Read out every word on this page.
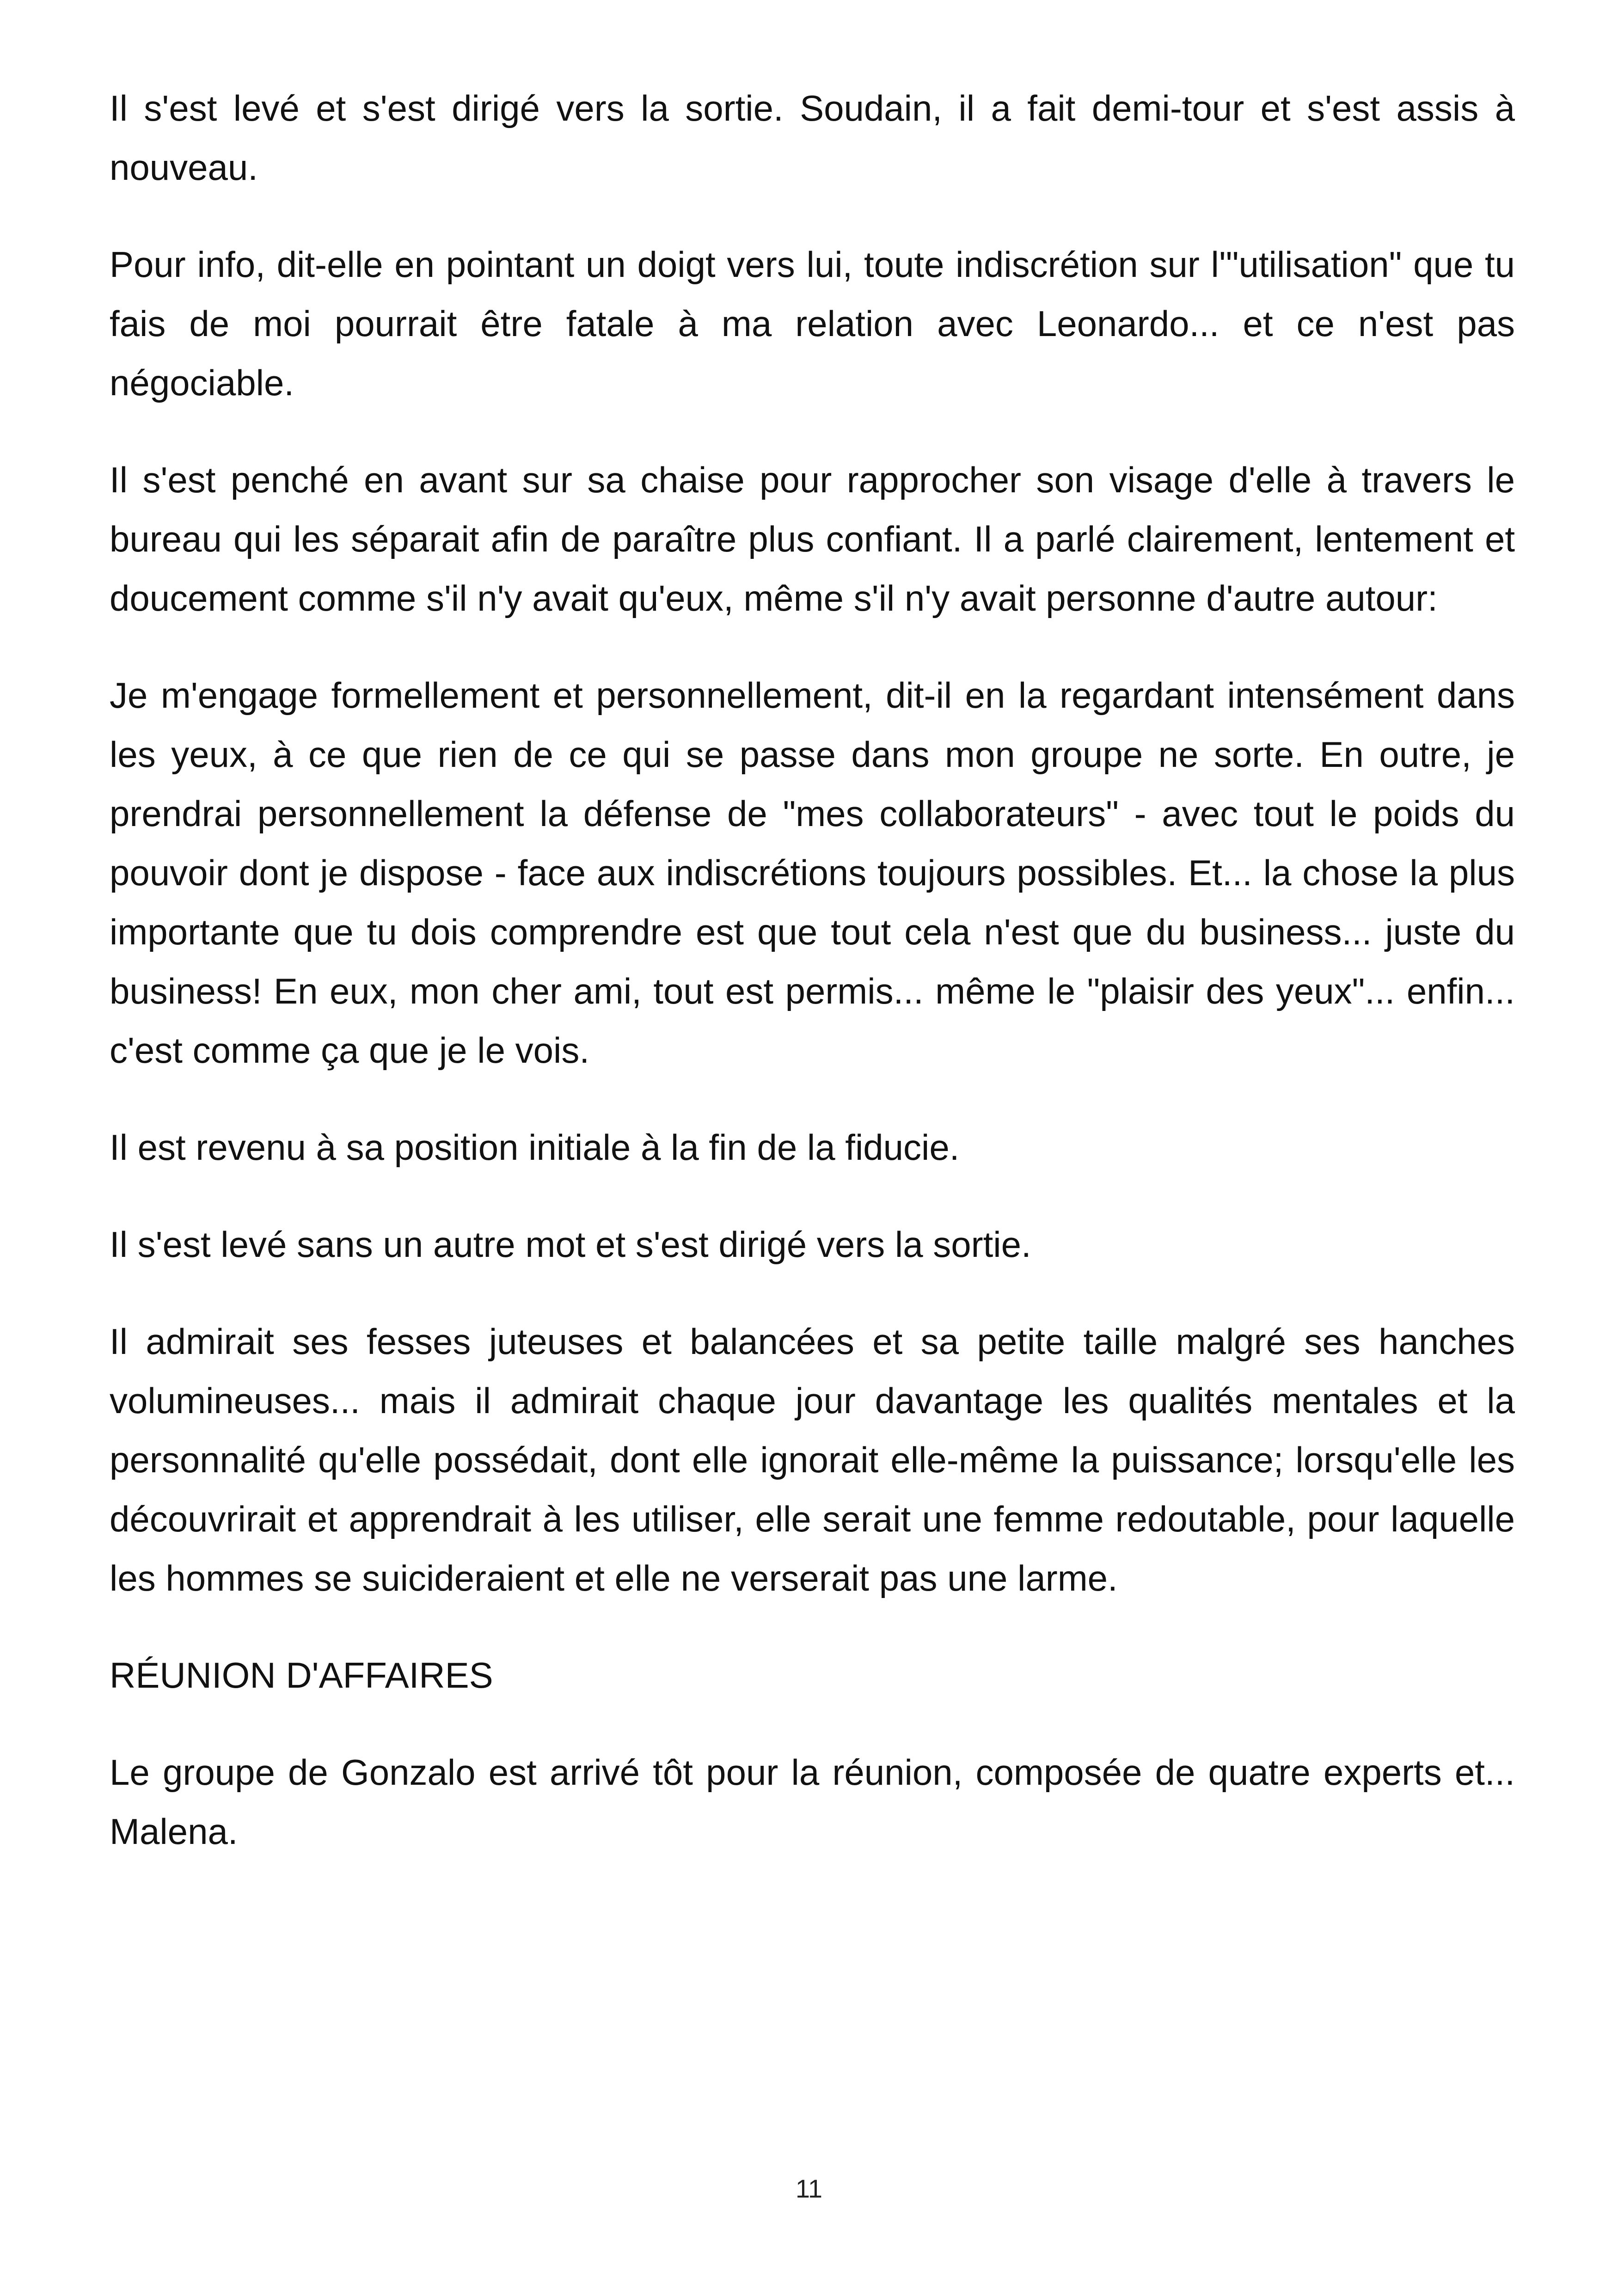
Il s'est levé et s'est dirigé vers la sortie. Soudain, il a fait demi-tour et s'est assis à nouveau.

Pour info, dit-elle en pointant un doigt vers lui, toute indiscrétion sur l'"utilisation" que tu fais de moi pourrait être fatale à ma relation avec Leonardo... et ce n'est pas négociable.

Il s'est penché en avant sur sa chaise pour rapprocher son visage d'elle à travers le bureau qui les séparait afin de paraître plus confiant. Il a parlé clairement, lentement et doucement comme s'il n'y avait qu'eux, même s'il n'y avait personne d'autre autour:

Je m'engage formellement et personnellement, dit-il en la regardant intensément dans les yeux, à ce que rien de ce qui se passe dans mon groupe ne sorte. En outre, je prendrai personnellement la défense de "mes collaborateurs" - avec tout le poids du pouvoir dont je dispose - face aux indiscrétions toujours possibles. Et... la chose la plus importante que tu dois comprendre est que tout cela n'est que du business... juste du business! En eux, mon cher ami, tout est permis... même le "plaisir des yeux"... enfin... c'est comme ça que je le vois.

Il est revenu à sa position initiale à la fin de la fiducie.

Il s'est levé sans un autre mot et s'est dirigé vers la sortie.

Il admirait ses fesses juteuses et balancées et sa petite taille malgré ses hanches volumineuses... mais il admirait chaque jour davantage les qualités mentales et la personnalité qu'elle possédait, dont elle ignorait elle-même la puissance; lorsqu'elle les découvrirait et apprendrait à les utiliser, elle serait une femme redoutable, pour laquelle les hommes se suicideraient et elle ne verserait pas une larme.

RÉUNION D'AFFAIRES

Le groupe de Gonzalo est arrivé tôt pour la réunion, composée de quatre experts et... Malena.

11
